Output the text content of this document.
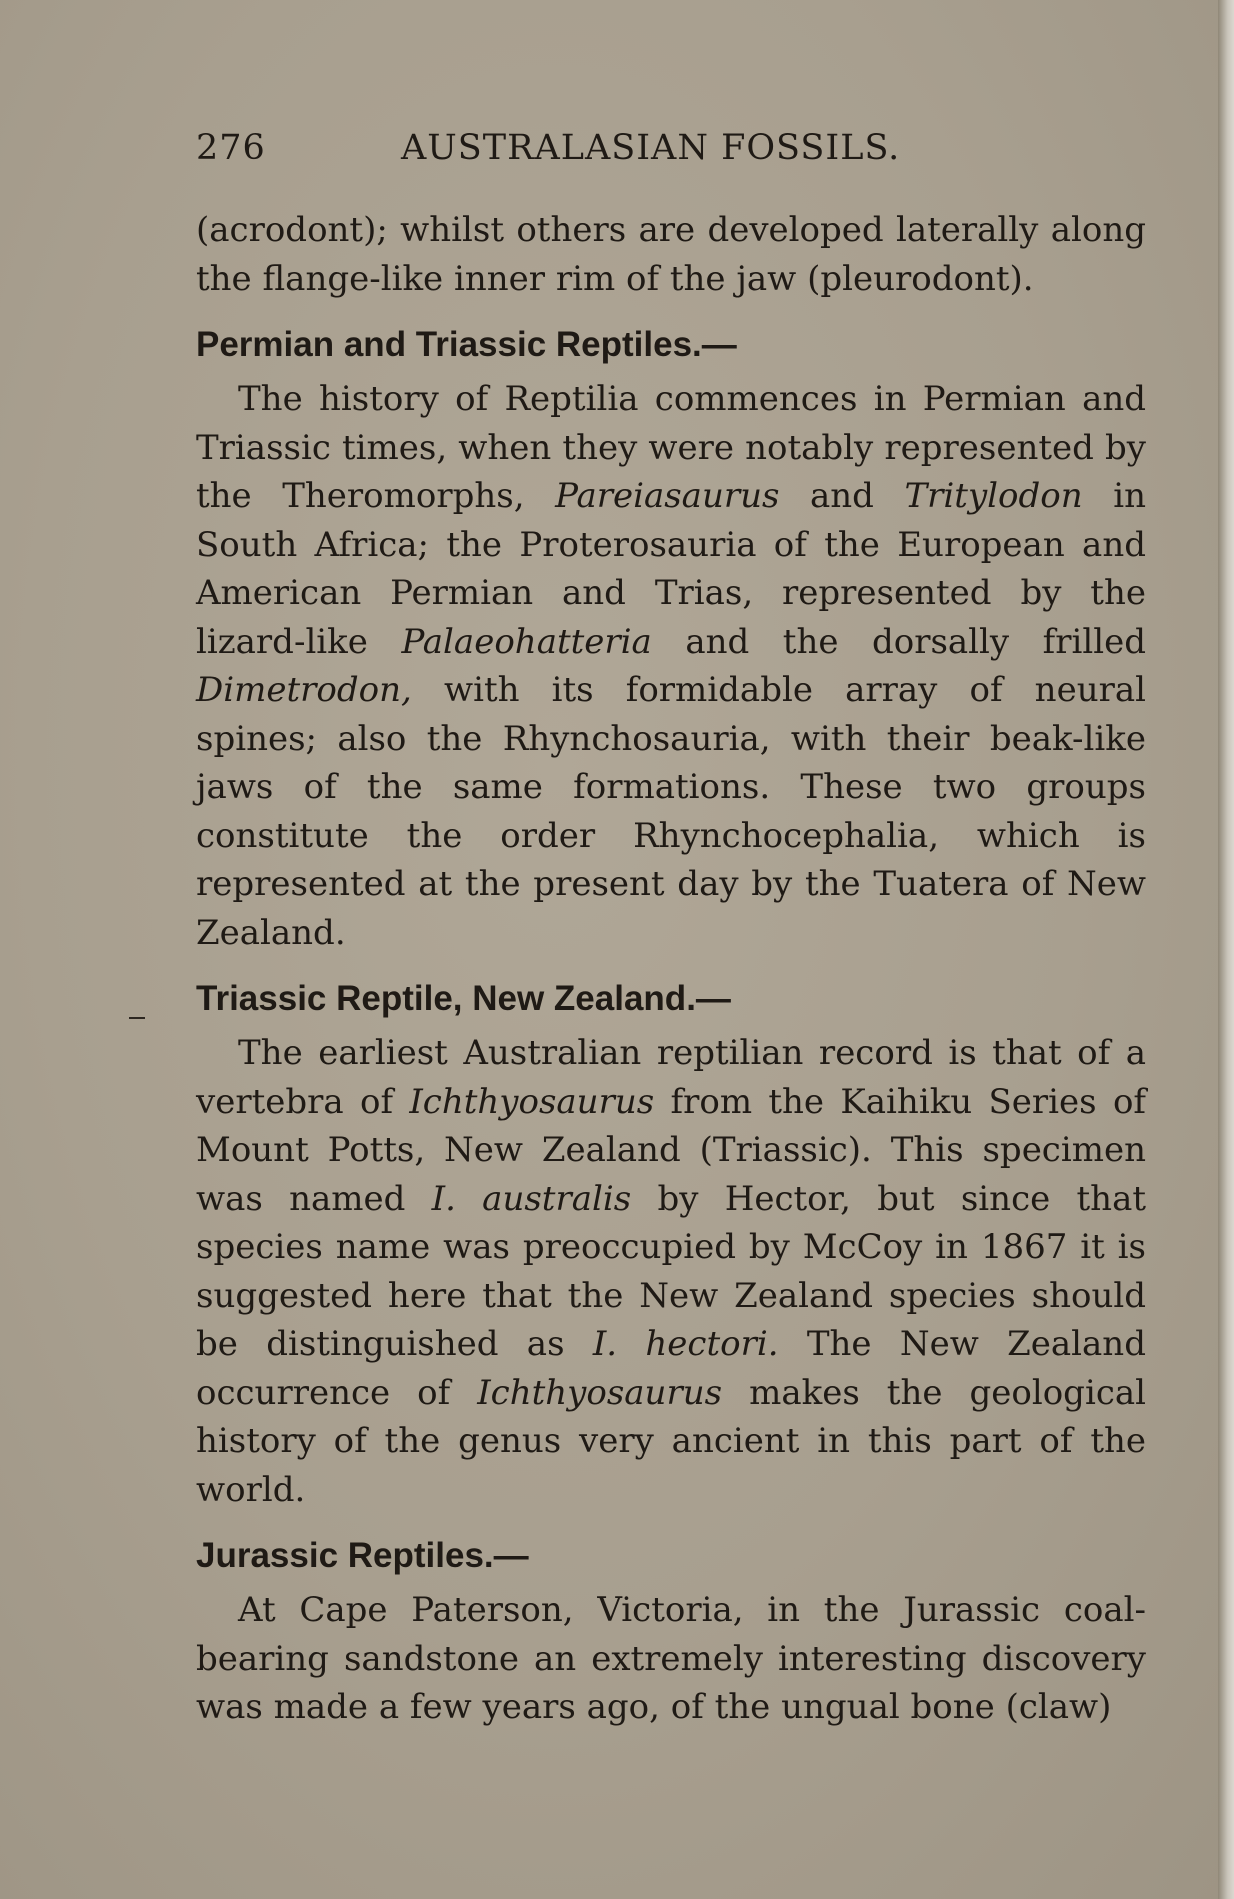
276	AUSTRALASIAN FOSSILS.

(acrodont); whilst others are developed laterally along the flange-like inner rim of the jaw (pleurodont).

Permian and Triassic Reptiles.—

The history of Reptilia commences in Permian and Triassic times, when they were notably represented by the Theromorphs, Pareiasaurus and Tritylodon in South Africa; the Proterosauria of the European and American Permian and Trias, represented by the lizard-like Palaeohatteria and the dorsally frilled Dimetrodon, with its formidable array of neural spines; also the Rhynchosauria, with their beak-like jaws of the same formations. These two groups constitute the order Rhynchocephalia, which is represented at the present day by the Tuatera of New Zealand.

Triassic Reptile, New Zealand.—

The earliest Australian reptilian record is that of a vertebra of Ichthyosaurus from the Kaihiku Series of Mount Potts, New Zealand (Triassic). This specimen was named I. australis by Hector, but since that species name was preoccupied by McCoy in 1867 it is suggested here that the New Zealand species should be distinguished as I. hectori. The New Zealand occurrence of Ichthyosaurus makes the geological history of the genus very ancient in this part of the world.

Jurassic Reptiles.—

At Cape Paterson, Victoria, in the Jurassic coal-bearing sandstone an extremely interesting discovery was made a few years ago, of the ungual bone (claw)
